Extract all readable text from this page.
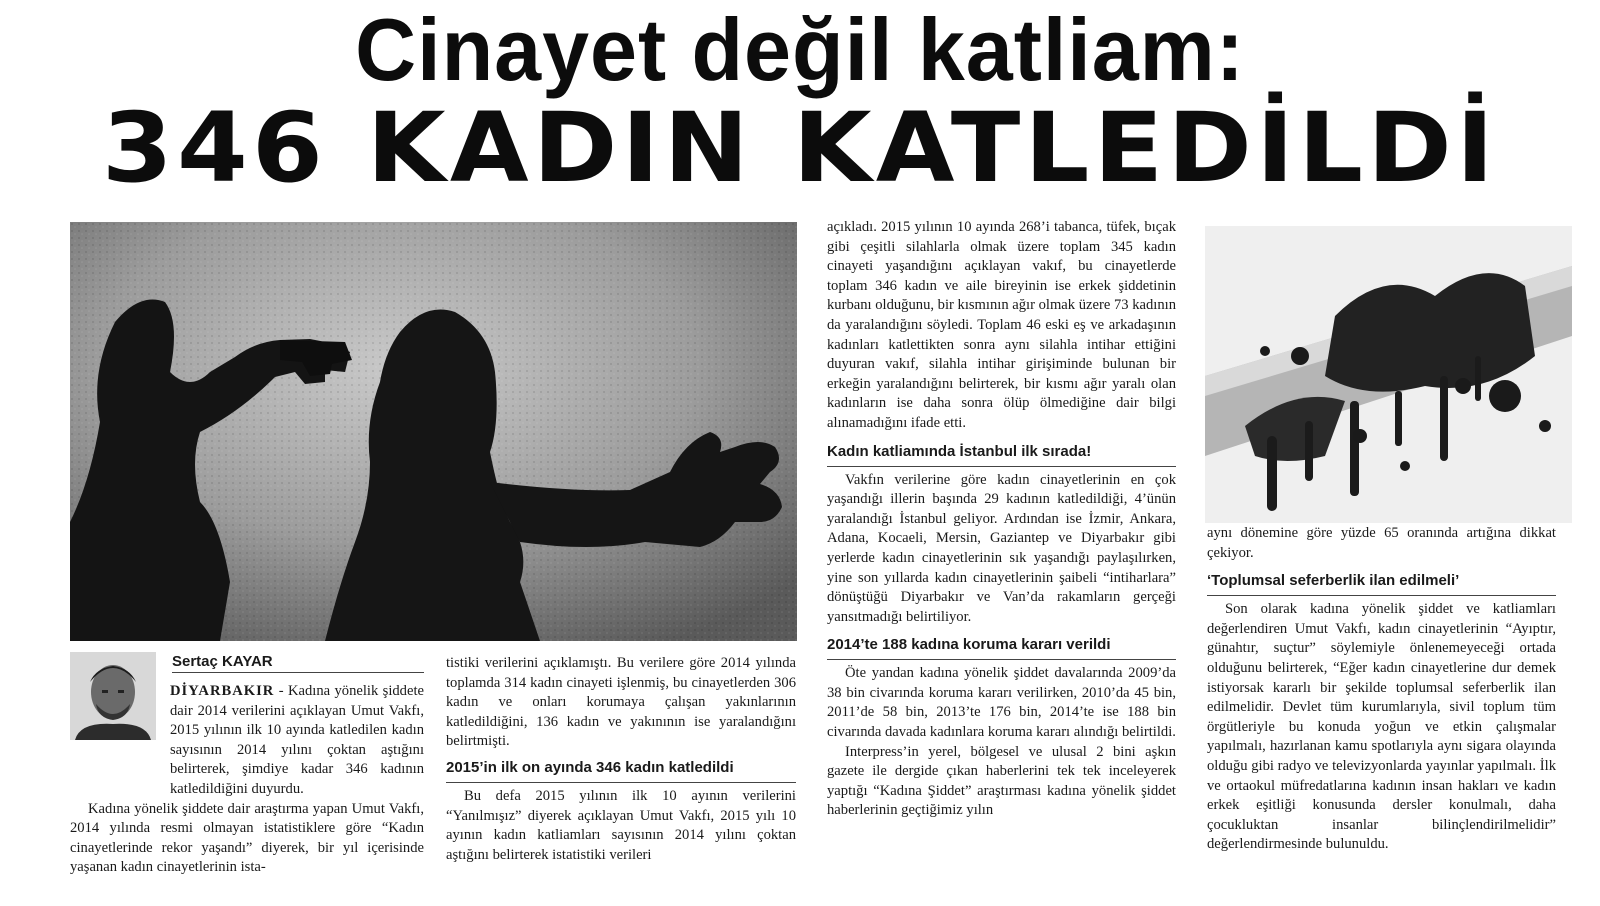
Cinayet değil katliam:
346 KADIN KATLEDİLDİ
Sertaç KAYAR

DİYARBAKIR - Kadına yönelik şiddete dair 2014 verilerini açıklayan Umut Vakfı, 2015 yılının ilk 10 ayında katledilen kadın sayısının 2014 yılını çoktan aştığını belirterek, şimdiye kadar 346 kadının katledildiğini duyurdu.

Kadına yönelik şiddete dair araştırma yapan Umut Vakfı, 2014 yılında resmi olmayan istatistiklere göre “Kadın cinayetlerinde rekor yaşandı” diyerek, bir yıl içerisinde yaşanan kadın cinayetlerinin ista-

tistiki verilerini açıklamıştı. Bu verilere göre 2014 yılında toplamda 314 kadın cinayeti işlenmiş, bu cinayetlerden 306 kadın ve onları korumaya çalışan yakınlarının katledildiğini, 136 kadın ve yakınının ise yaralandığını belirtmişti.

2015’in ilk on ayında 346 kadın katledildi

Bu defa 2015 yılının ilk 10 ayının verilerini “Yanılmışız” diyerek açıklayan Umut Vakfı, 2015 yılı 10 ayının kadın katliamları sayısının 2014 yılını çoktan aştığını belirterek istatistiki verileri

açıkladı. 2015 yılının 10 ayında 268’i tabanca, tüfek, bıçak gibi çeşitli silahlarla olmak üzere toplam 345 kadın cinayeti yaşandığını açıklayan vakıf, bu cinayetlerde toplam 346 kadın ve aile bireyinin ise erkek şiddetinin kurbanı olduğunu, bir kısmının ağır olmak üzere 73 kadının da yaralandığını söyledi. Toplam 46 eski eş ve arkadaşının kadınları katlettikten sonra aynı silahla intihar ettiğini duyuran vakıf, silahla intihar girişiminde bulunan bir erkeğin yaralandığını belirterek, bir kısmı ağır yaralı olan kadınların ise daha sonra ölüp ölmediğine dair bilgi alınamadığını ifade etti.

Kadın katliamında İstanbul ilk sırada!

Vakfın verilerine göre kadın cinayetlerinin en çok yaşandığı illerin başında 29 kadının katledildiği, 4’ünün yaralandığı İstanbul geliyor. Ardından ise İzmir, Ankara, Adana, Kocaeli, Mersin, Gaziantep ve Diyarbakır gibi yerlerde kadın cinayetlerinin sık yaşandığı paylaşılırken, yine son yıllarda kadın cinayetlerinin şaibeli “intiharlara” dönüştüğü Diyarbakır ve Van’da rakamların gerçeği yansıtmadığı belirtiliyor.

2014’te 188 kadına koruma kararı verildi

Öte yandan kadına yönelik şiddet davalarında 2009’da 38 bin civarında koruma kararı verilirken, 2010’da 45 bin, 2011’de 58 bin, 2013’te 176 bin, 2014’te ise 188 bin civarında davada kadınlara koruma kararı alındığı belirtildi.

Interpress’in yerel, bölgesel ve ulusal 2 bini aşkın gazete ile dergide çıkan haberlerini tek tek inceleyerek yaptığı “Kadına Şiddet” araştırması kadına yönelik şiddet haberlerinin geçtiğimiz yılın

aynı dönemine göre yüzde 65 oranında artığına dikkat çekiyor.

‘Toplumsal seferberlik ilan edilmeli’

Son olarak kadına yönelik şiddet ve katliamları değerlendiren Umut Vakfı, kadın cinayetlerinin “Ayıptır, günahtır, suçtur” söylemiyle önlenemeyeceği ortada olduğunu belirterek, “Eğer kadın cinayetlerine dur demek istiyorsak kararlı bir şekilde toplumsal seferberlik ilan edilmelidir. Devlet tüm kurumlarıyla, sivil toplum tüm örgütleriyle bu konuda yoğun ve etkin çalışmalar yapılmalı, hazırlanan kamu spotlarıyla aynı sigara olayında olduğu gibi radyo ve televizyonlarda yayınlar yapılmalı. İlk ve ortaokul müfredatlarına kadının insan hakları ve kadın erkek eşitliği konusunda dersler konulmalı, daha çocukluktan insanlar bilinçlendirilmelidir” değerlendirmesinde bulunuldu.
